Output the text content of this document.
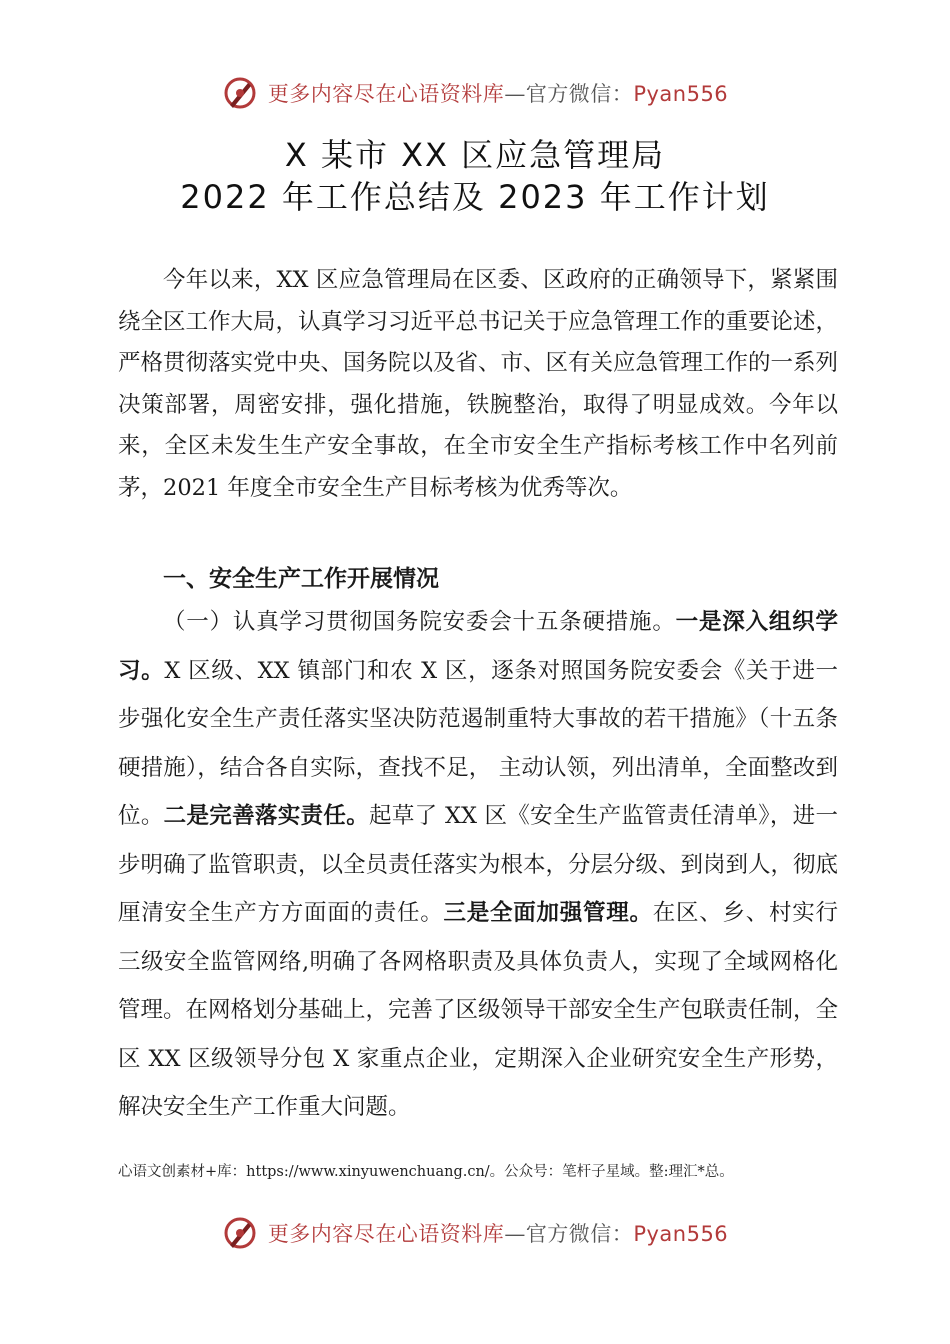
更多内容尽在心语资料库—官方微信：Pyan556
X 某市 XX 区应急管理局
2022 年工作总结及 2023 年工作计划
今年以来，XX 区应急管理局在区委、区政府的正确领导下，紧紧围绕全区工作大局，认真学习习近平总书记关于应急管理工作的重要论述，严格贯彻落实党中央、国务院以及省、市、区有关应急管理工作的一系列决策部署，周密安排，强化措施，铁腕整治，取得了明显成效。今年以来，全区未发生生产安全事故，在全市安全生产指标考核工作中名列前茅，2021 年度全市安全生产目标考核为优秀等次。
一、安全生产工作开展情况
（一）认真学习贯彻国务院安委会十五条硬措施。一是深入组织学习。X 区级、XX 镇部门和农 X 区，逐条对照国务院安委会《关于进一步强化安全生产责任落实坚决防范遏制重特大事故的若干措施》（十五条硬措施），结合各自实际，查找不足， 主动认领，列出清单，全面整改到位。二是完善落实责任。起草了 XX 区《安全生产监管责任清单》，进一步明确了监管职责，以全员责任落实为根本，分层分级、到岗到人，彻底厘清安全生产方方面面的责任。三是全面加强管理。在区、乡、村实行三级安全监管网络,明确了各网格职责及具体负责人，实现了全域网格化管理。在网格划分基础上，完善了区级领导干部安全生产包联责任制，全区 XX 区级领导分包 X 家重点企业，定期深入企业研究安全生产形势，解决安全生产工作重大问题。
心语文创素材+库：https://www.xinyuwenchuang.cn/。公众号：笔杆子星域。整:理汇*总。
更多内容尽在心语资料库—官方微信：Pyan556
